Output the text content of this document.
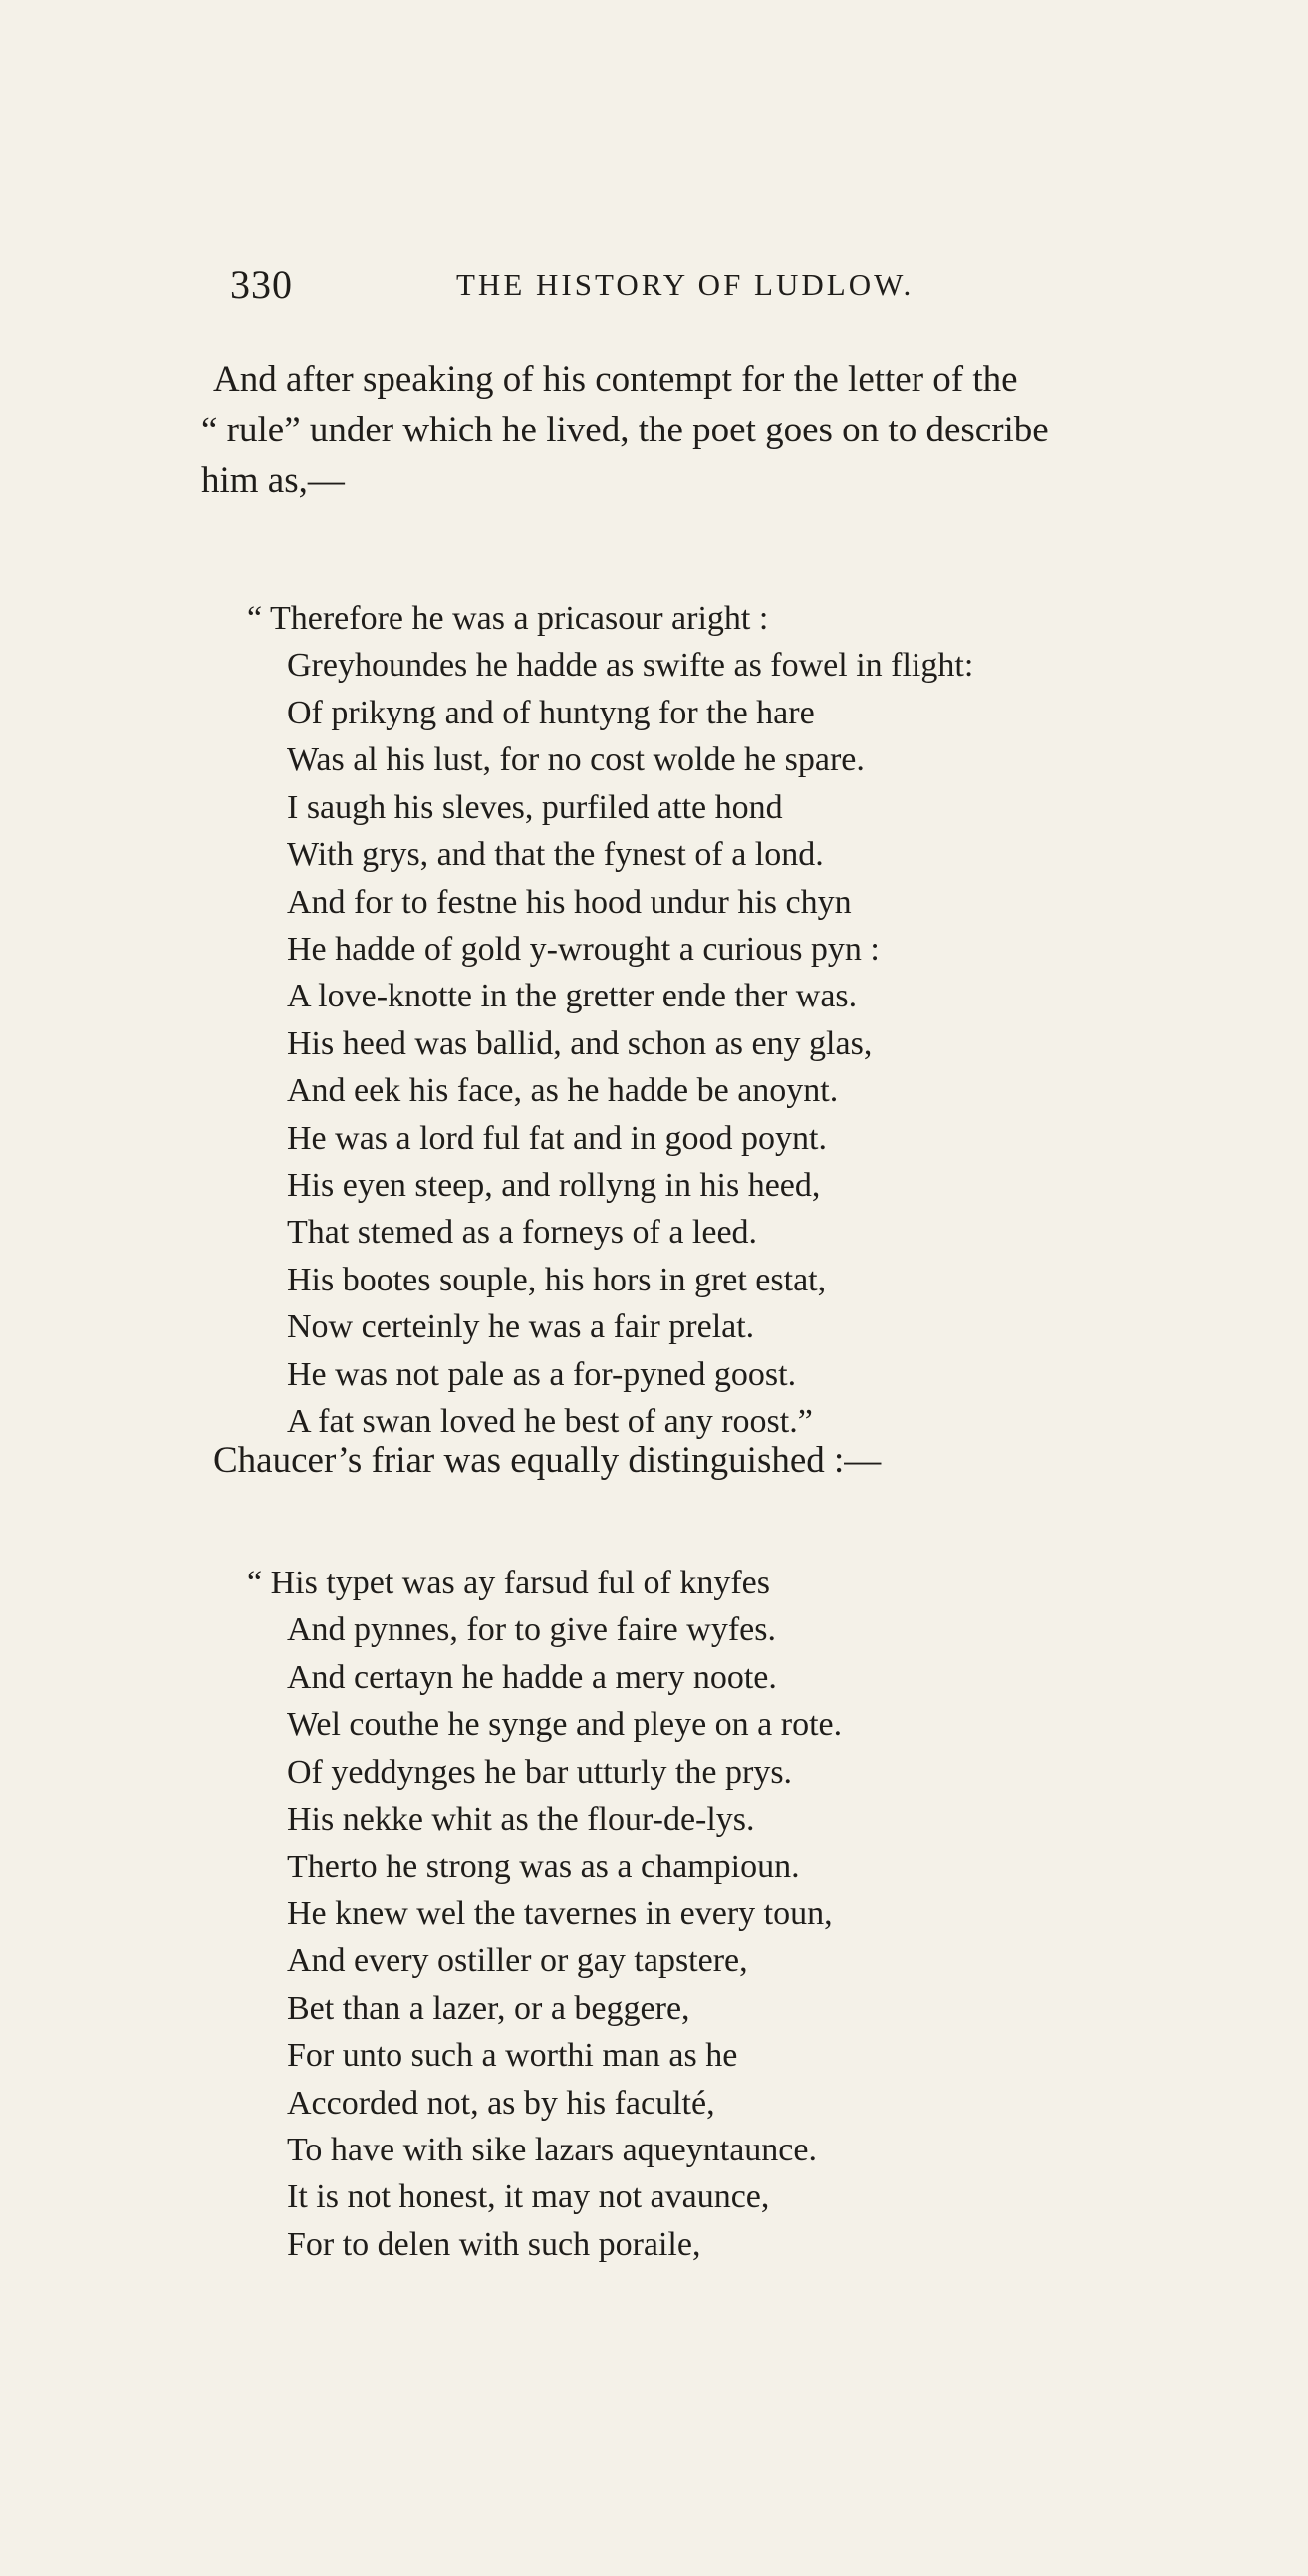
330	THE HISTORY OF LUDLOW.
And after speaking of his contempt for the letter of the
“ rule” under which he lived, the poet goes on to describe
him as,—
“ Therefore he was a pricasour aright :
Greyhoundes he hadde as swifte as fowel in flight:
Of prikyng and of huntyng for the hare
Was al his lust, for no cost wolde he spare.
I saugh his sleves, purfiled atte hond
With grys, and that the fynest of a lond.
And for to festne his hood undur his chyn
He hadde of gold y-wrought a curious pyn :
A love-knotte in the gretter ende ther was.
His heed was ballid, and schon as eny glas,
And eek his face, as he hadde be anoynt.
He was a lord ful fat and in good poynt.
His eyen steep, and rollyng in his heed,
That stemed as a forneys of a leed.
His bootes souple, his hors in gret estat,
Now certeinly he was a fair prelat.
He was not pale as a for-pyned goost.
A fat swan loved he best of any roost.”
Chaucer’s friar was equally distinguished :—
“ His typet was ay farsud ful of knyfes
And pynnes, for to give faire wyfes.
And certayn he hadde a mery noote.
Wel couthe he synge and pleye on a rote.
Of yeddynges he bar utturly the prys.
His nekke whit as the flour-de-lys.
Therto he strong was as a champioun.
He knew wel the tavernes in every toun,
And every ostiller or gay tapstere,
Bet than a lazer, or a beggere,
For unto such a worthi man as he
Accorded not, as by his faculté,
To have with sike lazars aqueyntaunce.
It is not honest, it may not avaunce,
For to delen with such poraile,
